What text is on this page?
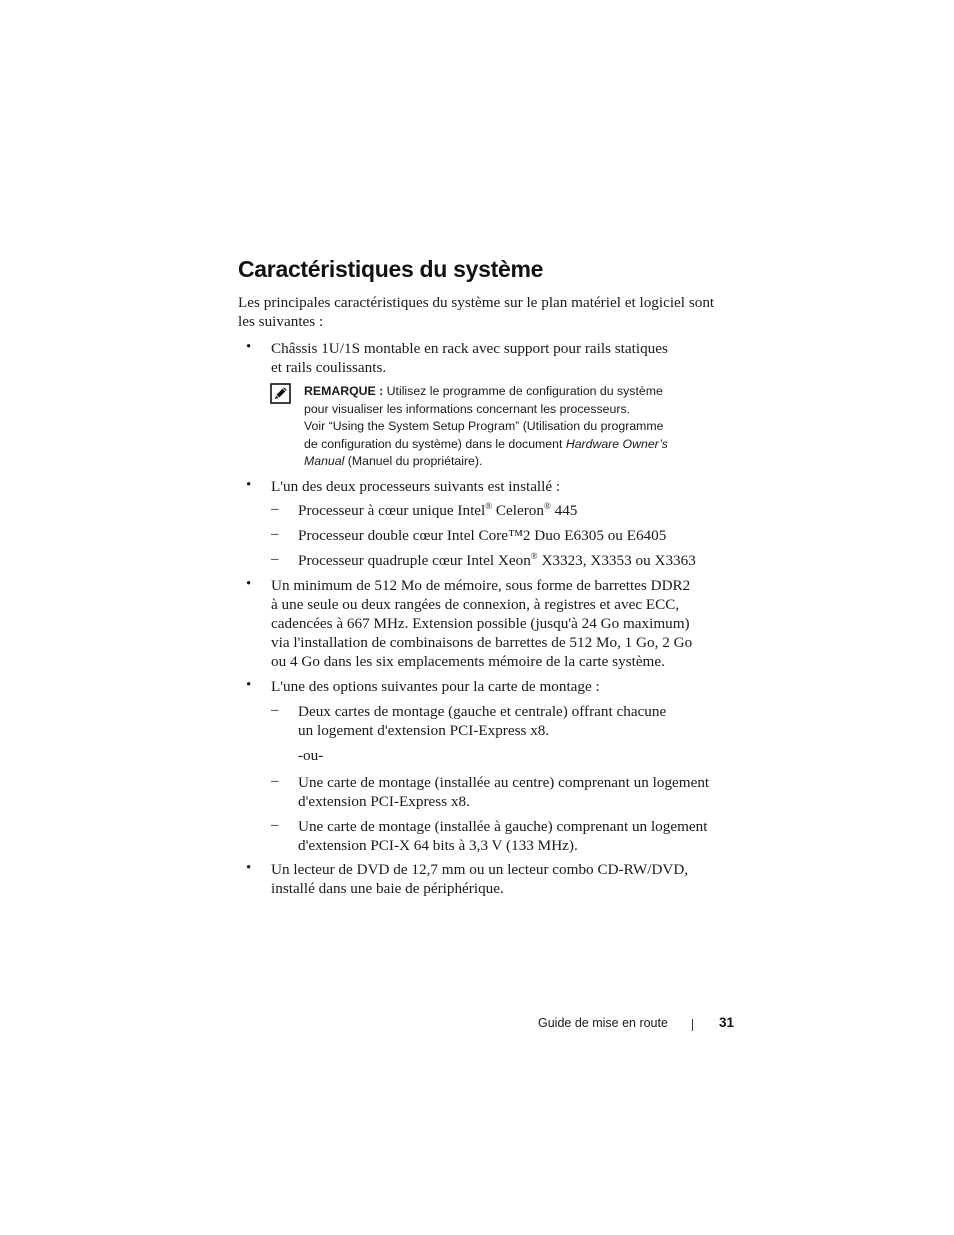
Caractéristiques du système

Les principales caractéristiques du système sur le plan matériel et logiciel sont les suivantes :

• Châssis 1U/1S montable en rack avec support pour rails statiques
et rails coulissants.
REMARQUE : Utilisez le programme de configuration du système
pour visualiser les informations concernant les processeurs.
Voir “Using the System Setup Program” (Utilisation du programme
de configuration du système) dans le document Hardware Owner’s
Manual (Manuel du propriétaire).
• L'un des deux processeurs suivants est installé :
– Processeur à cœur unique Intel® Celeron® 445
– Processeur double cœur Intel Core™2 Duo E6305 ou E6405
– Processeur quadruple cœur Intel Xeon® X3323, X3353 ou X3363
• Un minimum de 512 Mo de mémoire, sous forme de barrettes DDR2
à une seule ou deux rangées de connexion, à registres et avec ECC,
cadencées à 667 MHz. Extension possible (jusqu'à 24 Go maximum)
via l'installation de combinaisons de barrettes de 512 Mo, 1 Go, 2 Go
ou 4 Go dans les six emplacements mémoire de la carte système.
• L'une des options suivantes pour la carte de montage :
– Deux cartes de montage (gauche et centrale) offrant chacune
un logement d'extension PCI-Express x8.
-ou-
– Une carte de montage (installée au centre) comprenant un logement
d'extension PCI-Express x8.
– Une carte de montage (installée à gauche) comprenant un logement
d'extension PCI-X 64 bits à 3,3 V (133 MHz).
• Un lecteur de DVD de 12,7 mm ou un lecteur combo CD-RW/DVD,
installé dans une baie de périphérique.
Guide de mise en route	31
